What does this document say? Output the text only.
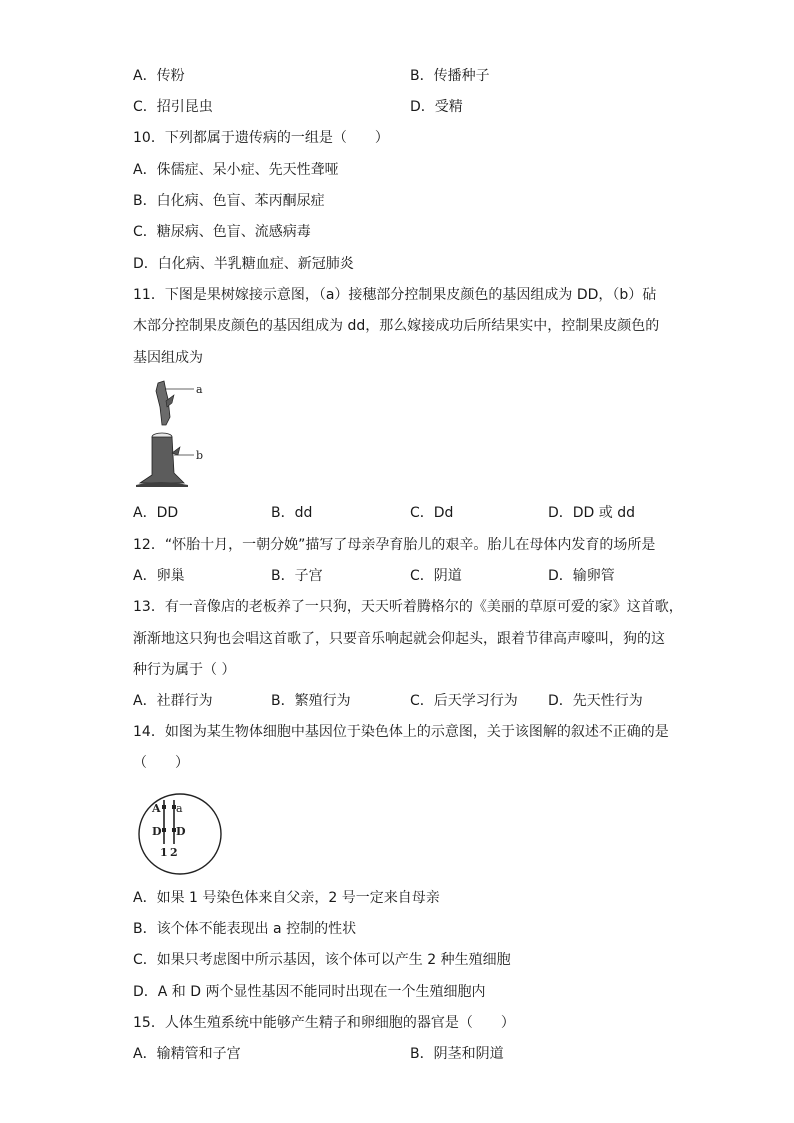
A．传粉	B．传播种子
C．招引昆虫	D．受精
10．下列都属于遗传病的一组是（　　）
A．侏儒症、呆小症、先天性聋哑
B．白化病、色盲、苯丙酮尿症
C．糖尿病、色盲、流感病毒
D．白化病、半乳糖血症、新冠肺炎
11．下图是果树嫁接示意图，（a）接穗部分控制果皮颜色的基因组成为 DD，（b）砧
木部分控制果皮颜色的基因组成为 dd，那么嫁接成功后所结果实中，控制果皮颜色的
基因组成为
a
b
A．DD	B．dd	C．Dd	D．DD 或 dd
12．“怀胎十月，一朝分娩”描写了母亲孕育胎儿的艰辛。胎儿在母体内发育的场所是
A．卵巢	B．子宫	C．阴道	D．输卵管
13．有一音像店的老板养了一只狗，天天听着腾格尔的《美丽的草原可爱的家》这首歌，
渐渐地这只狗也会唱这首歌了，只要音乐响起就会仰起头，跟着节律高声嚎叫，狗的这
种行为属于（ ）
A．社群行为	B．繁殖行为	C．后天学习行为 D．先天性行为
14．如图为某生物体细胞中基因位于染色体上的示意图，关于该图解的叙述不正确的是
（　　）
A a
D D
1 2
A．如果 1 号染色体来自父亲，2 号一定来自母亲
B．该个体不能表现出 a 控制的性状
C．如果只考虑图中所示基因，该个体可以产生 2 种生殖细胞
D．A 和 D 两个显性基因不能同时出现在一个生殖细胞内
15．人体生殖系统中能够产生精子和卵细胞的器官是（　　）
A．输精管和子宫	B．阴茎和阴道
